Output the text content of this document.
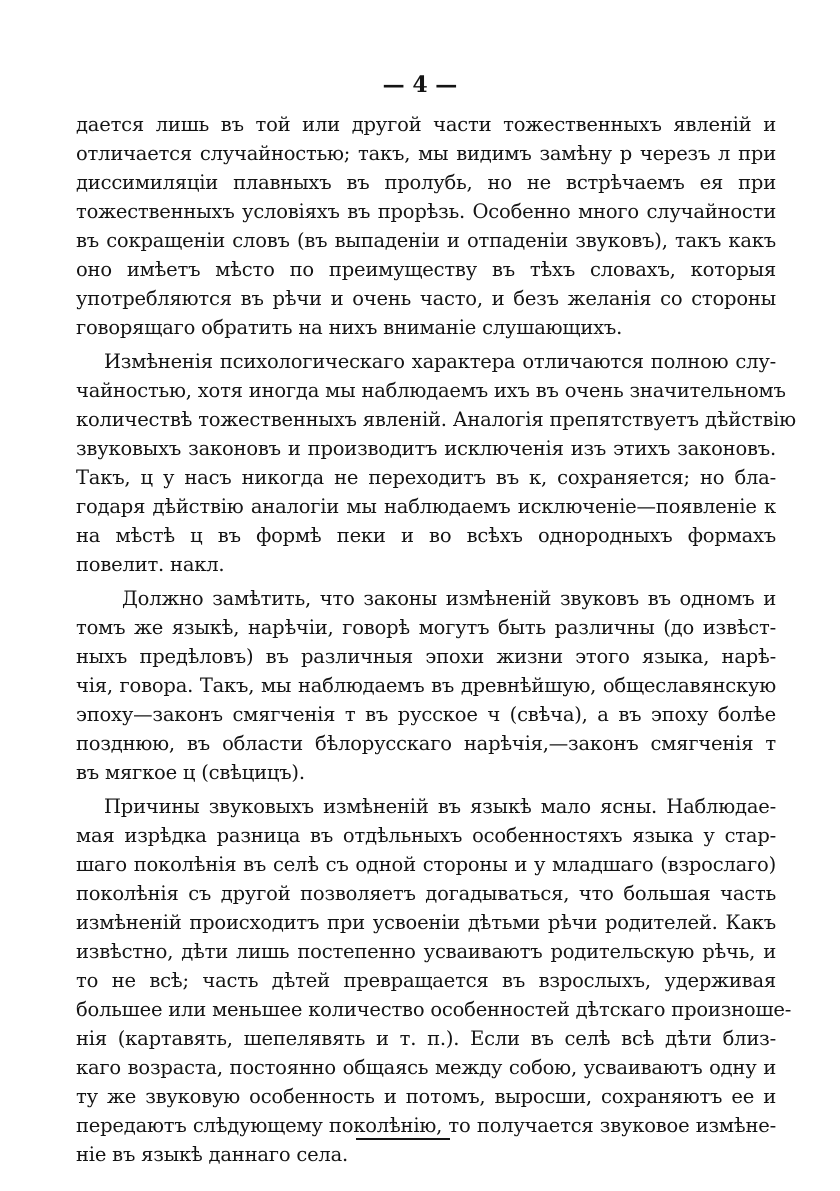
— 4 —
дается лишь въ той или другой части тожественныхъ явленій и
отличается случайностью; такъ, мы видимъ замѣну р черезъ л при
диссимиляціи плавныхъ въ пролубь, но не встрѣчаемъ ея при
тожественныхъ условіяхъ въ прорѣзь. Особенно много случайности
въ сокращеніи словъ (въ выпаденіи и отпаденіи звуковъ), такъ какъ
оно имѣетъ мѣсто по преимуществу въ тѣхъ словахъ, которыя
употребляются въ рѣчи и очень часто, и безъ желанія со стороны
говорящаго обратить на нихъ вниманіе слушающихъ.
Измѣненія психологическаго характера отличаются полною слу-
чайностью, хотя иногда мы наблюдаемъ ихъ въ очень значительномъ
количествѣ тожественныхъ явленій. Аналогія препятствуетъ дѣйствію
звуковыхъ законовъ и производитъ исключенія изъ этихъ законовъ.
Такъ, ц у насъ никогда не переходитъ въ к, сохраняется; но бла-
годаря дѣйствію аналогіи мы наблюдаемъ исключеніе—появленіе к
на мѣстѣ ц въ формѣ пеки и во всѣхъ однородныхъ формахъ
повелит. накл.
Должно замѣтить, что законы измѣненій звуковъ въ одномъ и
томъ же языкѣ, нарѣчіи, говорѣ могутъ быть различны (до извѣст-
ныхъ предѣловъ) въ различныя эпохи жизни этого языка, нарѣ-
чія, говора. Такъ, мы наблюдаемъ въ древнѣйшую, общеславянскую
эпоху—законъ смягченія т въ русское ч (свѣча), а въ эпоху болѣе
позднюю, въ области бѣлорусскаго нарѣчія,—законъ смягченія т
въ мягкое ц (свѣцицъ).
Причины звуковыхъ измѣненій въ языкѣ мало ясны. Наблюдае-
мая изрѣдка разница въ отдѣльныхъ особенностяхъ языка у стар-
шаго поколѣнія въ селѣ съ одной стороны и у младшаго (взрослаго)
поколѣнія съ другой позволяетъ догадываться, что большая часть
измѣненій происходитъ при усвоеніи дѣтьми рѣчи родителей. Какъ
извѣстно, дѣти лишь постепенно усваиваютъ родительскую рѣчь, и
то не всѣ; часть дѣтей превращается въ взрослыхъ, удерживая
большее или меньшее количество особенностей дѣтскаго произноше-
нія (картавять, шепелявять и т. п.). Если въ селѣ всѣ дѣти близ-
каго возраста, постоянно общаясь между собою, усваиваютъ одну и
ту же звуковую особенность и потомъ, выросши, сохраняютъ ее и
передаютъ слѣдующему поколѣнію, то получается звуковое измѣне-
ніе въ языкѣ даннаго села.
